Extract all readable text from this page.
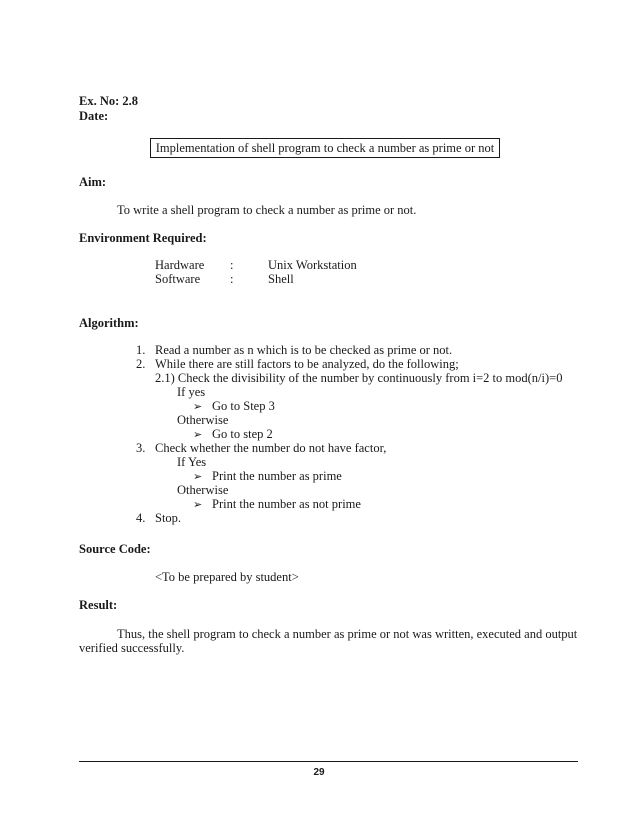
Ex. No: 2.8
Date:
Implementation of shell program to check a number as prime or not
Aim:
To write a shell program to check a number as prime or not.
Environment Required:
Hardware :	Unix Workstation
Software :	Shell
Algorithm:
1. Read a number as n which is to be checked as prime or not.
2. While there are still factors to be analyzed, do the following;
2.1) Check the divisibility of the number by continuously from i=2 to mod(n/i)=0
If yes
➢ Go to Step 3
Otherwise
➢ Go to step 2
3. Check whether the number do not have factor,
If Yes
➢ Print the number as prime
Otherwise
➢ Print the number as not prime
4. Stop.
Source Code:
<To be prepared by student>
Result:
Thus, the shell program to check a number as prime or not was written, executed and output
verified successfully.
29
